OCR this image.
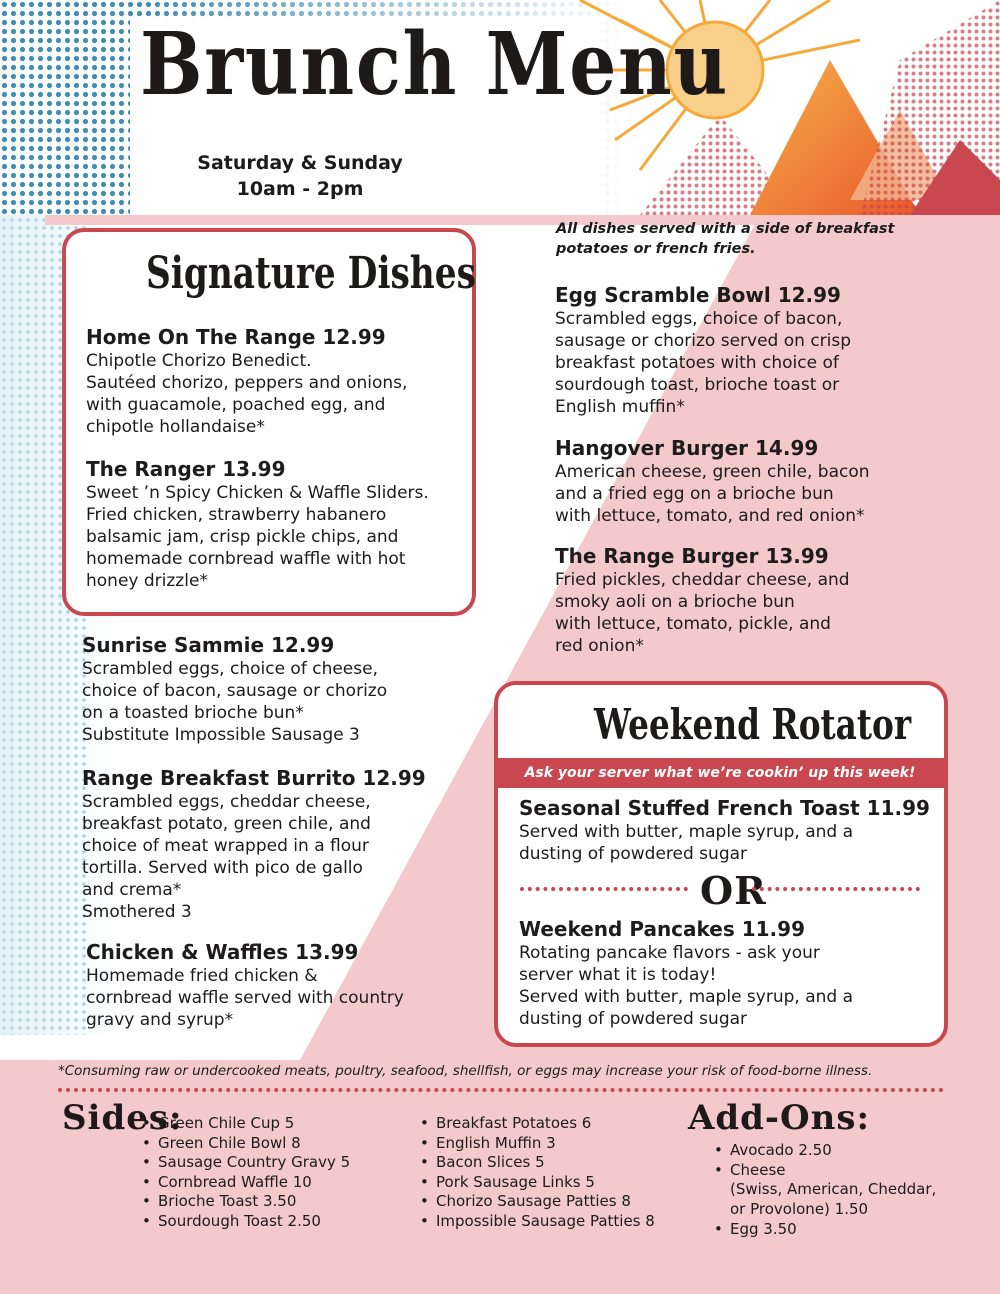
Brunch Menu
Saturday & Sunday
10am - 2pm
All dishes served with a side of breakfast
potatoes or french fries.
Signature Dishes
Home On The Range 12.99
Chipotle Chorizo Benedict.
Sautéed chorizo, peppers and onions,
with guacamole, poached egg, and
chipotle hollandaise*
The Ranger 13.99
Sweet ’n Spicy Chicken & Waffle Sliders.
Fried chicken, strawberry habanero
balsamic jam, crisp pickle chips, and
homemade cornbread waffle with hot
honey drizzle*
Sunrise Sammie 12.99
Scrambled eggs, choice of cheese,
choice of bacon, sausage or chorizo
on a toasted brioche bun*
Substitute Impossible Sausage 3
Range Breakfast Burrito 12.99
Scrambled eggs, cheddar cheese,
breakfast potato, green chile, and
choice of meat wrapped in a flour
tortilla. Served with pico de gallo
and crema*
Smothered 3
Chicken & Waffles 13.99
Homemade fried chicken &
cornbread waffle served with country
gravy and syrup*
Egg Scramble Bowl 12.99
Scrambled eggs, choice of bacon,
sausage or chorizo served on crisp
breakfast potatoes with choice of
sourdough toast, brioche toast or
English muffin*
Hangover Burger 14.99
American cheese, green chile, bacon
and a fried egg on a brioche bun
with lettuce, tomato, and red onion*
The Range Burger 13.99
Fried pickles, cheddar cheese, and
smoky aoli on a brioche bun
with lettuce, tomato, pickle, and
red onion*
Weekend Rotator
Ask your server what we’re cookin’ up this week!
Seasonal Stuffed French Toast 11.99
Served with butter, maple syrup, and a
dusting of powdered sugar
OR
Weekend Pancakes 11.99
Rotating pancake flavors - ask your
server what it is today!
Served with butter, maple syrup, and a
dusting of powdered sugar
*Consuming raw or undercooked meats, poultry, seafood, shellfish, or eggs may increase your risk of food-borne illness.
Sides:
• Green Chile Cup 5
• Green Chile Bowl 8
• Sausage Country Gravy 5
• Cornbread Waffle 10
• Brioche Toast 3.50
• Sourdough Toast 2.50
• Breakfast Potatoes 6
• English Muffin 3
• Bacon Slices 5
• Pork Sausage Links 5
• Chorizo Sausage Patties 8
• Impossible Sausage Patties 8
Add-Ons:
• Avocado 2.50
• Cheese
(Swiss, American, Cheddar,
or Provolone) 1.50
• Egg 3.50
